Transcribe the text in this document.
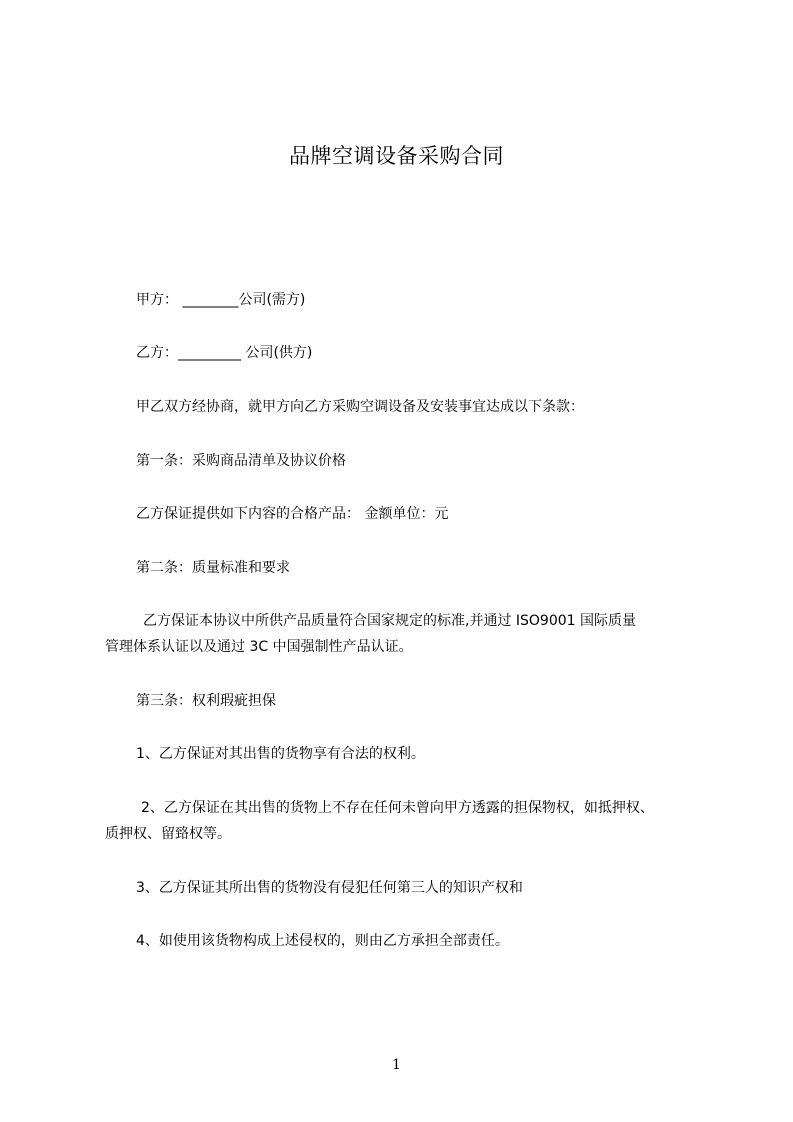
品牌空调设备采购合同
甲方： ________公司(需方)
乙方：_________ 公司(供方)
甲乙双方经协商，就甲方向乙方采购空调设备及安装事宜达成以下条款：
第一条：采购商品清单及协议价格
乙方保证提供如下内容的合格产品： 金额单位：元
第二条：质量标准和要求
乙方保证本协议中所供产品质量符合国家规定的标准,并通过 ISO9001 国际质量
管理体系认证以及通过 3C 中国强制性产品认证。
第三条：权利瑕疵担保
1、乙方保证对其出售的货物享有合法的权利。
2、乙方保证在其出售的货物上不存在任何未曾向甲方透露的担保物权，如抵押权、
质押权、留臵权等。
3、乙方保证其所出售的货物没有侵犯任何第三人的知识产权和
4、如使用该货物构成上述侵权的，则由乙方承担全部责任。
1
